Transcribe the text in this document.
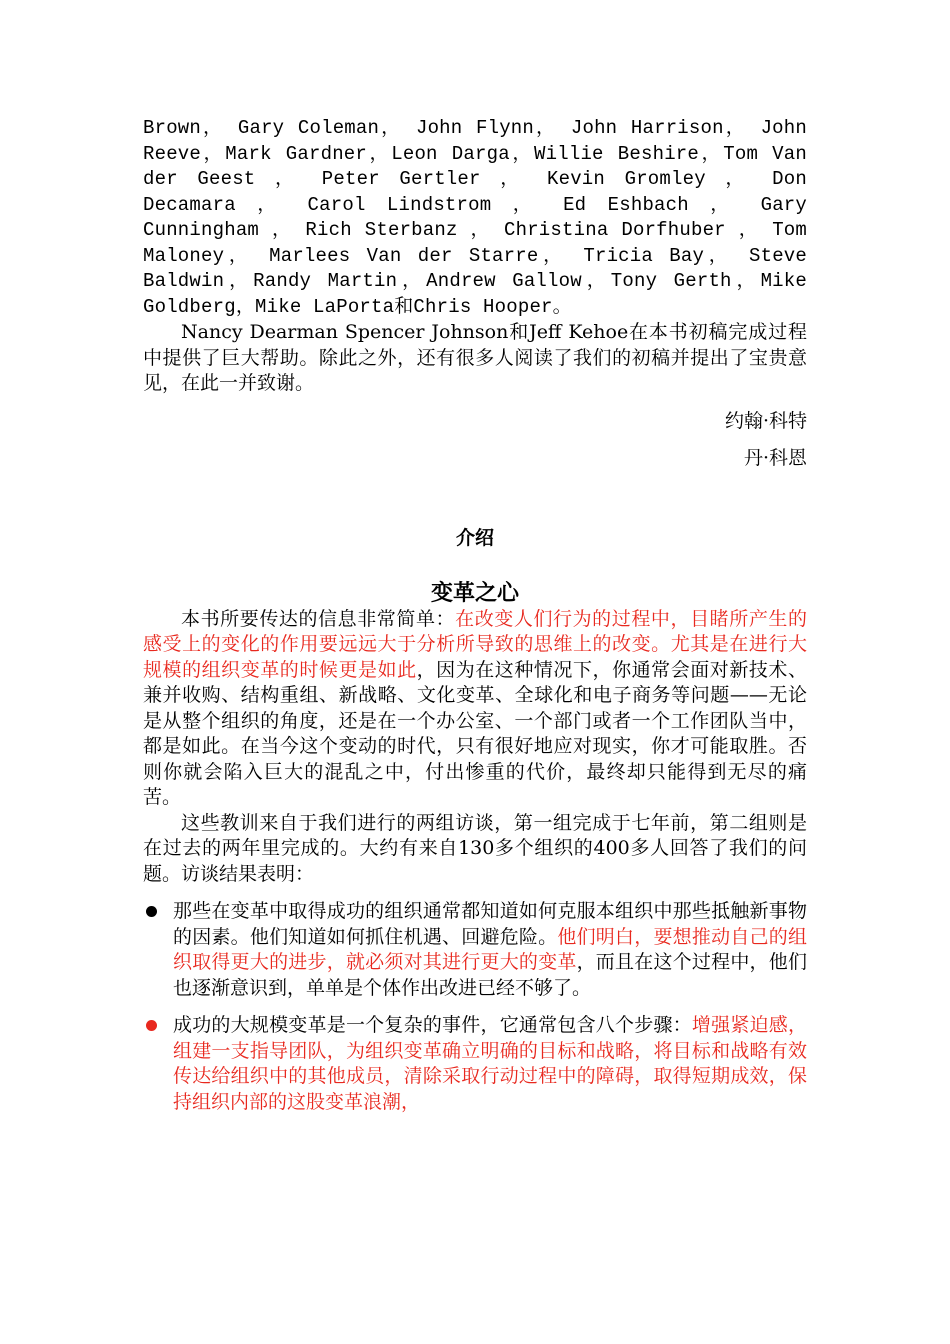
Brown， Gary Coleman， John Flynn， John Harrison， John Reeve，Mark Gardner，Leon Darga，Willie Beshire，Tom Van der Geest ， Peter Gertler ， Kevin Gromley ， Don Decamara ， Carol Lindstrom ， Ed Eshbach ， Gary Cunningham ， Rich Sterbanz ， Christina Dorfhuber ， Tom Maloney， Marlees Van der Starre， Tricia Bay， Steve Baldwin，Randy Martin，Andrew Gallow，Tony Gerth，Mike Goldberg，Mike LaPorta和Chris Hooper。

Nancy Dearman Spencer Johnson和Jeff Kehoe在本书初稿完成过程中提供了巨大帮助。除此之外，还有很多人阅读了我们的初稿并提出了宝贵意见，在此一并致谢。

约翰·科特

丹·科恩

介绍
变革之心

本书所要传达的信息非常简单：在改变人们行为的过程中，目睹所产生的感受上的变化的作用要远远大于分析所导致的思维上的改变。尤其是在进行大规模的组织变革的时候更是如此，因为在这种情况下，你通常会面对新技术、兼并收购、结构重组、新战略、文化变革、全球化和电子商务等问题——无论是从整个组织的角度，还是在一个办公室、一个部门或者一个工作团队当中，都是如此。在当今这个变动的时代，只有很好地应对现实，你才可能取胜。否则你就会陷入巨大的混乱之中，付出惨重的代价，最终却只能得到无尽的痛苦。

这些教训来自于我们进行的两组访谈，第一组完成于七年前，第二组则是在过去的两年里完成的。大约有来自130多个组织的400多人回答了我们的问题。访谈结果表明：

那些在变革中取得成功的组织通常都知道如何克服本组织中那些抵触新事物的因素。他们知道如何抓住机遇、回避危险。他们明白，要想推动自己的组织取得更大的进步，就必须对其进行更大的变革，而且在这个过程中，他们也逐渐意识到，单单是个体作出改进已经不够了。
成功的大规模变革是一个复杂的事件，它通常包含八个步骤：增强紧迫感，组建一支指导团队，为组织变革确立明确的目标和战略，将目标和战略有效传达给组织中的其他成员，清除采取行动过程中的障碍，取得短期成效，保持组织内部的这股变革浪潮，
